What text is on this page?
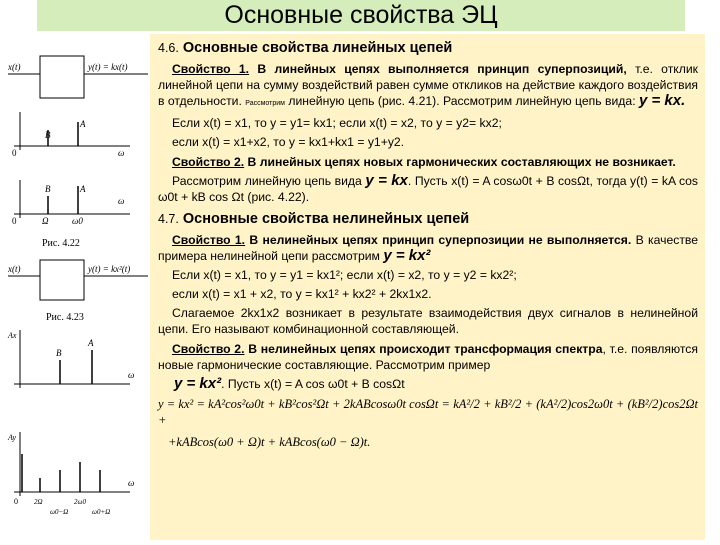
Основные свойства ЭЦ
x(t)	y(t) = kx(t)
B
A
0	ω
B	A
0	Ω	ω0
ω
Рис. 4.22
x(t)	y(t) = kx²(t)
Рис. 4.23
Ax
B
A
ω
Ay
0 2Ω
ω0−Ω
2ω0
ω0+Ω
ω
4.6. Основные свойства линейных цепей

Свойство 1. В линейных цепях выполняется принцип суперпозиций, т.е. отклик линейной цепи на сумму воздействий равен сумме откликов на действие каждого воздействия в отдельности. Рассмотрим линейную цепь (рис. 4.21). Рассмотрим линейную цепь вида: y = kx.

Если x(t) = x1, то y = y1= kx1; если x(t) = x2, то y = y2= kx2;

если x(t) = x1+x2, то y = kx1+kx1 = y1+y2.

Свойство 2. В линейных цепях новых гармонических составляющих не возникает.

Рассмотрим линейную цепь вида y = kx. Пусть x(t) = A cosω0t + B cosΩt, тогда y(t) = kA cos ω0t + kB cos Ωt (рис. 4.22).

4.7. Основные свойства нелинейных цепей

Свойство 1. В нелинейных цепях принцип суперпозиции не выполняется. В качестве примера нелинейной цепи рассмотрим y = kx²

Если x(t) = x1, то y = y1 = kx1²; если x(t) = x2, то y = y2 = kx2²;

если x(t) = x1 + x2, то y = kx1² + kx2² + 2kx1x2.

Слагаемое 2kx1x2 возникает в результате взаимодействия двух сигналов в нелинейной цепи. Его называют комбинационной составляющей.

Свойство 2. В нелинейных цепях происходит трансформация спектра, т.е. появляются новые гармонические составляющие. Рассмотрим пример

y = kx². Пусть x(t) = A cos ω0t + B cosΩt

y = kx² = kA²cos²ω0t + kB²cos²Ωt + 2kABcosω0t cosΩt = kA²/2 + kB²/2 + (kA²/2)cos2ω0t + (kB²/2)cos2Ωt +
+kABcos(ω0 + Ω)t + kABcos(ω0 − Ω)t.
